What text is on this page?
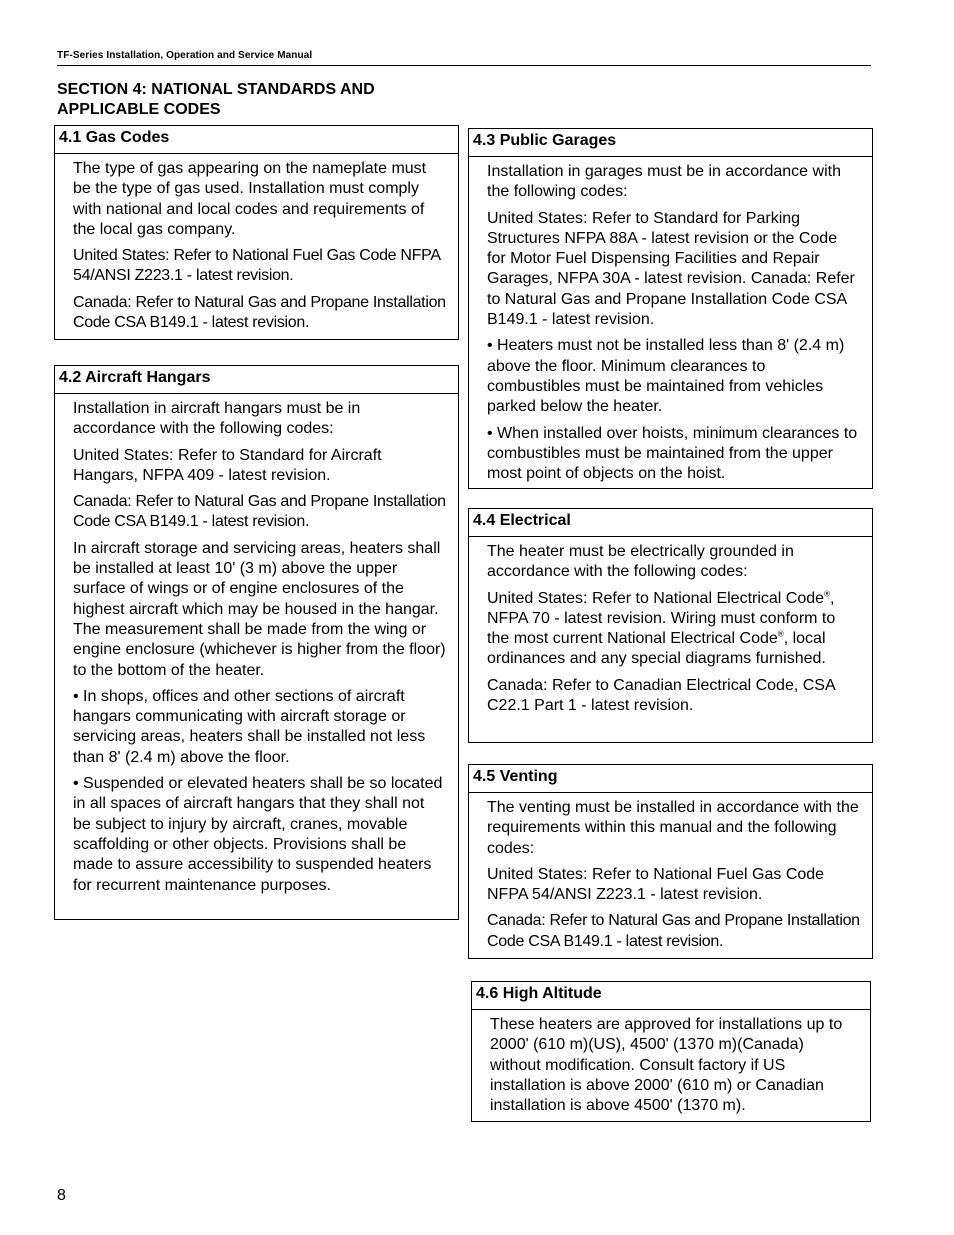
TF-Series Installation, Operation and Service Manual
SECTION 4: NATIONAL STANDARDS AND APPLICABLE CODES
4.1 Gas Codes

The type of gas appearing on the nameplate must be the type of gas used. Installation must comply with national and local codes and requirements of the local gas company.

United States: Refer to National Fuel Gas Code NFPA 54/ANSI Z223.1 - latest revision.

Canada: Refer to Natural Gas and Propane Installation Code CSA B149.1 - latest revision.

4.2 Aircraft Hangars

Installation in aircraft hangars must be in accordance with the following codes:

United States: Refer to Standard for Aircraft Hangars, NFPA 409 - latest revision.

Canada: Refer to Natural Gas and Propane Installation Code CSA B149.1 - latest revision.

In aircraft storage and servicing areas, heaters shall be installed at least 10' (3 m) above the upper surface of wings or of engine enclosures of the highest aircraft which may be housed in the hangar. The measurement shall be made from the wing or engine enclosure (whichever is higher from the floor) to the bottom of the heater.

• In shops, offices and other sections of aircraft hangars communicating with aircraft storage or servicing areas, heaters shall be installed not less than 8' (2.4 m) above the floor.

• Suspended or elevated heaters shall be so located in all spaces of aircraft hangars that they shall not be subject to injury by aircraft, cranes, movable scaffolding or other objects. Provisions shall be made to assure accessibility to suspended heaters for recurrent maintenance purposes.

4.3 Public Garages

Installation in garages must be in accordance with the following codes:

United States: Refer to Standard for Parking Structures NFPA 88A - latest revision or the Code for Motor Fuel Dispensing Facilities and Repair Garages, NFPA 30A - latest revision. Canada: Refer to Natural Gas and Propane Installation Code CSA B149.1 - latest revision.

• Heaters must not be installed less than 8' (2.4 m) above the floor. Minimum clearances to combustibles must be maintained from vehicles parked below the heater.

• When installed over hoists, minimum clearances to combustibles must be maintained from the upper most point of objects on the hoist.

4.4 Electrical

The heater must be electrically grounded in accordance with the following codes:

United States: Refer to National Electrical Code®, NFPA 70 - latest revision. Wiring must conform to the most current National Electrical Code®, local ordinances and any special diagrams furnished.

Canada: Refer to Canadian Electrical Code, CSA C22.1 Part 1 - latest revision.

4.5 Venting

The venting must be installed in accordance with the requirements within this manual and the following codes:

United States: Refer to National Fuel Gas Code NFPA 54/ANSI Z223.1 - latest revision.

Canada: Refer to Natural Gas and Propane Installation Code CSA B149.1 - latest revision.

4.6 High Altitude

These heaters are approved for installations up to 2000' (610 m)(US), 4500' (1370 m)(Canada) without modification. Consult factory if US installation is above 2000' (610 m) or Canadian installation is above 4500' (1370 m).

8
